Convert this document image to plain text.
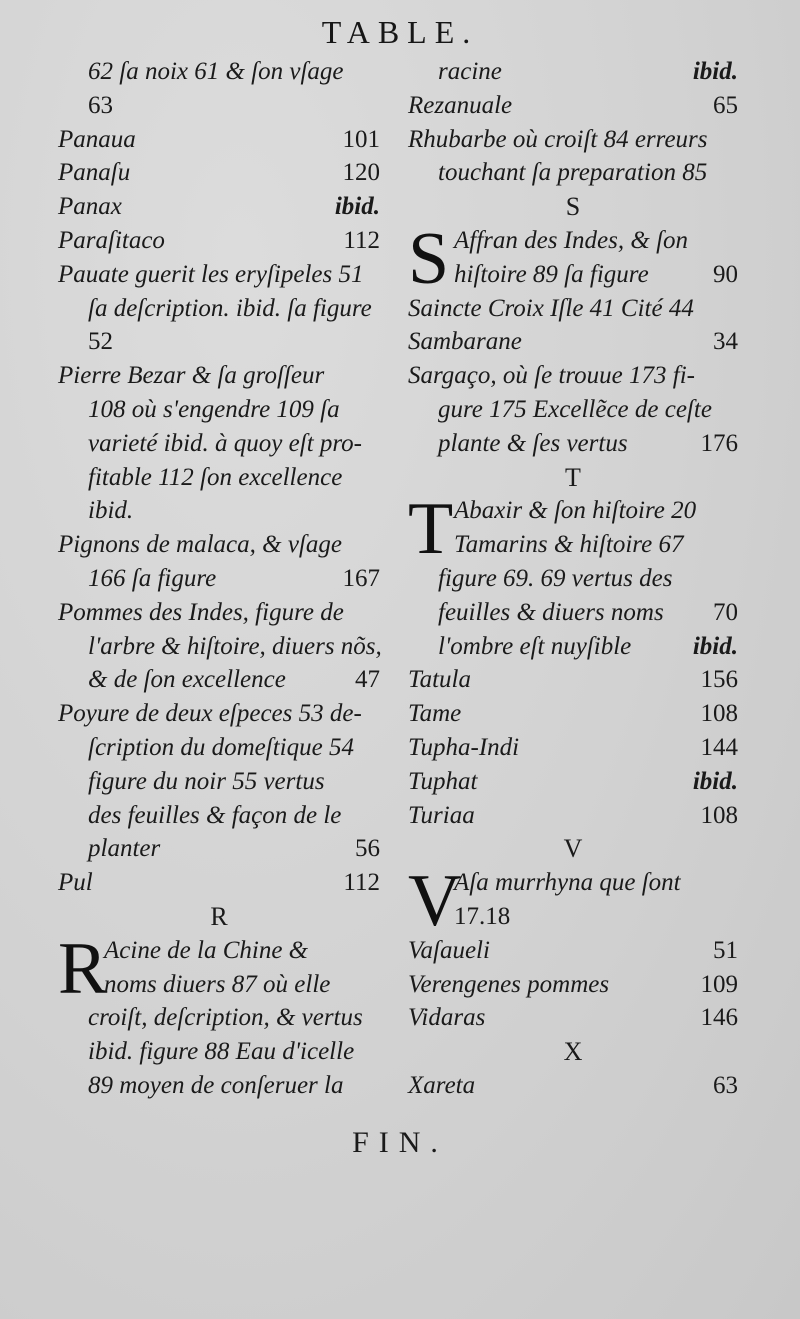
TABLE.
62 ſa noix 61 & ſon vſage
63
Panaua	101
Panaſu	120
Panax	ibid.
Paraſitaco	112
Pauate guerit les eryſipeles 51
ſa deſcription. ibid. ſa figure
52
Pierre Bezar & ſa groſſeur
108 où s'engendre 109 ſa
varieté ibid. à quoy eſt pro-
fitable 112 ſon excellence
ibid.
Pignons de malaca, & vſage
166 ſa figure	167
Pommes des Indes, figure de
l'arbre & hiſtoire, diuers nõs,
& de ſon excellence	47
Poyure de deux eſpeces 53 de-
ſcription du domeſtique 54
figure du noir 55 vertus
des feuilles & façon de le
planter	56
Pul	112
R
R
Acine de la Chine &
noms diuers 87 où elle
croiſt, deſcription, & vertus
ibid. figure 88 Eau d'icelle
89 moyen de conſeruer la
racine	ibid.
Rezanuale	65
Rhubarbe où croiſt 84 erreurs
touchant ſa preparation 85
S
S Affran des Indes, & ſon
hiſtoire 89 ſa figure	90
Saincte Croix Iſle 41 Cité 44
Sambarane	34
Sargaço, où ſe trouue 173 fi-
gure 175 Excellẽce de ceſte
plante & ſes vertus	176
T
T Abaxir & ſon hiſtoire 20
Tamarins & hiſtoire 67
figure 69. 69 vertus des
feuilles & diuers noms 70
l'ombre eſt nuyſible ibid.
Tatula	156
Tame	108
Tupha-Indi	144
Tuphat	ibid.
Turiaa	108
V
V
Aſa murrhyna que ſont
17.18
Vaſaueli	51
Verengenes pommes	109
Vidaras	146
X
Xareta	63
FIN.
